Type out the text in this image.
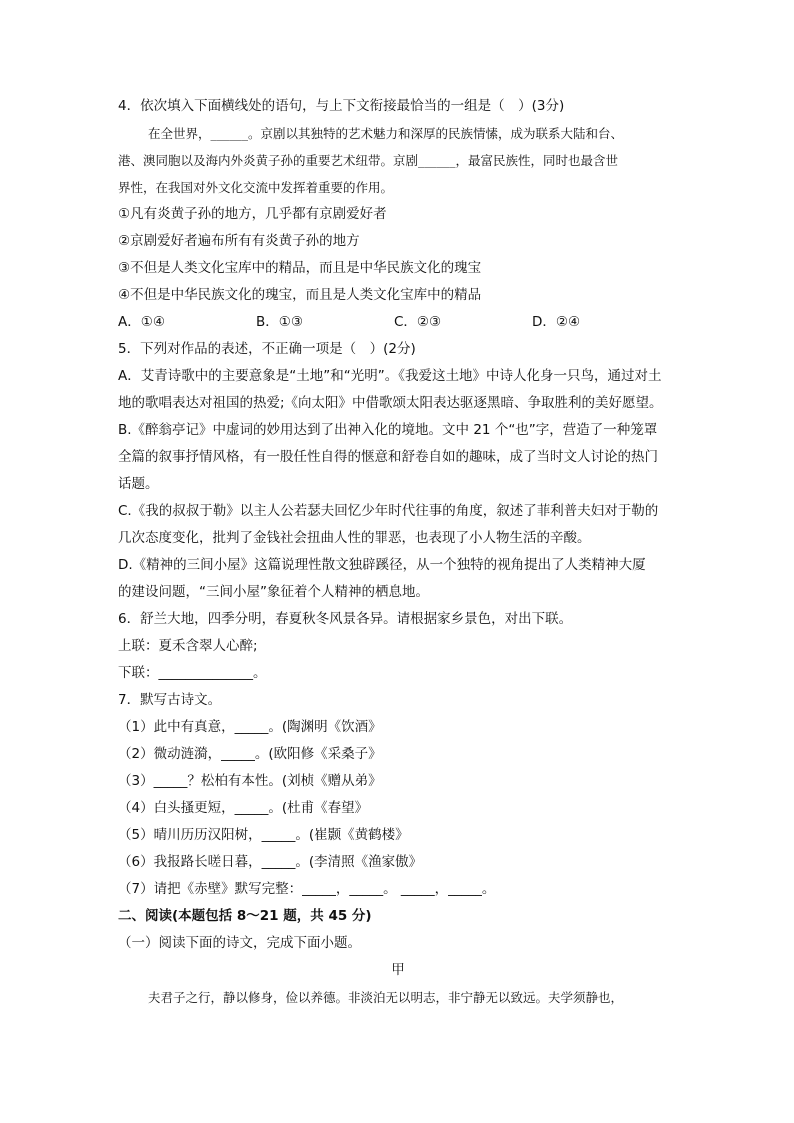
4．依次填入下面横线处的语句，与上下文衔接最恰当的一组是（　）(3分)
在全世界，______。京剧以其独特的艺术魅力和深厚的民族情愫，成为联系大陆和台、
港、澳同胞以及海内外炎黄子孙的重要艺术纽带。京剧______，最富民族性，同时也最含世
界性，在我国对外文化交流中发挥着重要的作用。
①凡有炎黄子孙的地方，几乎都有京剧爱好者
②京剧爱好者遍布所有有炎黄子孙的地方
③不但是人类文化宝库中的精品，而且是中华民族文化的瑰宝
④不但是中华民族文化的瑰宝，而且是人类文化宝库中的精品
A．①④	B．①③	C．②③	D．②④
5．下列对作品的表述，不正确一项是（　）(2分)
A．艾青诗歌中的主要意象是“土地”和“光明”。《我爱这土地》中诗人化身一只鸟，通过对土
地的歌唱表达对祖国的热爱;《向太阳》中借歌颂太阳表达驱逐黑暗、争取胜利的美好愿望。
B.《醉翁亭记》中虚词的妙用达到了出神入化的境地。文中 21 个“也”字，营造了一种笼罩
全篇的叙事抒情风格，有一股任性自得的惬意和舒卷自如的趣味，成了当时文人讨论的热门
话题。
C.《我的叔叔于勒》以主人公若瑟夫回忆少年时代往事的角度，叙述了菲利普夫妇对于勒的
几次态度变化，批判了金钱社会扭曲人性的罪恶，也表现了小人物生活的辛酸。
D.《精神的三间小屋》这篇说理性散文独辟蹊径，从一个独特的视角提出了人类精神大厦
的建设问题，“三间小屋”象征着个人精神的栖息地。
6．舒兰大地，四季分明，春夏秋冬风景各异。请根据家乡景色，对出下联。
上联：夏禾含翠人心醉;
下联：______________。
7．默写古诗文。
（1）此中有真意，_____。(陶渊明《饮酒》
（2）微动涟漪，_____。(欧阳修《采桑子》
（3）_____？松柏有本性。(刘桢《赠从弟》
（4）白头搔更短，_____。(杜甫《春望》
（5）晴川历历汉阳树，_____。(崔颢《黄鹤楼》
（6）我报路长嗟日暮，_____。(李清照《渔家傲》
（7）请把《赤壁》默写完整：_____，_____。 _____，_____。
二、阅读(本题包括 8～21 题，共 45 分)
（一）阅读下面的诗文，完成下面小题。
甲
夫君子之行，静以修身，俭以养德。非淡泊无以明志，非宁静无以致远。夫学须静也，
